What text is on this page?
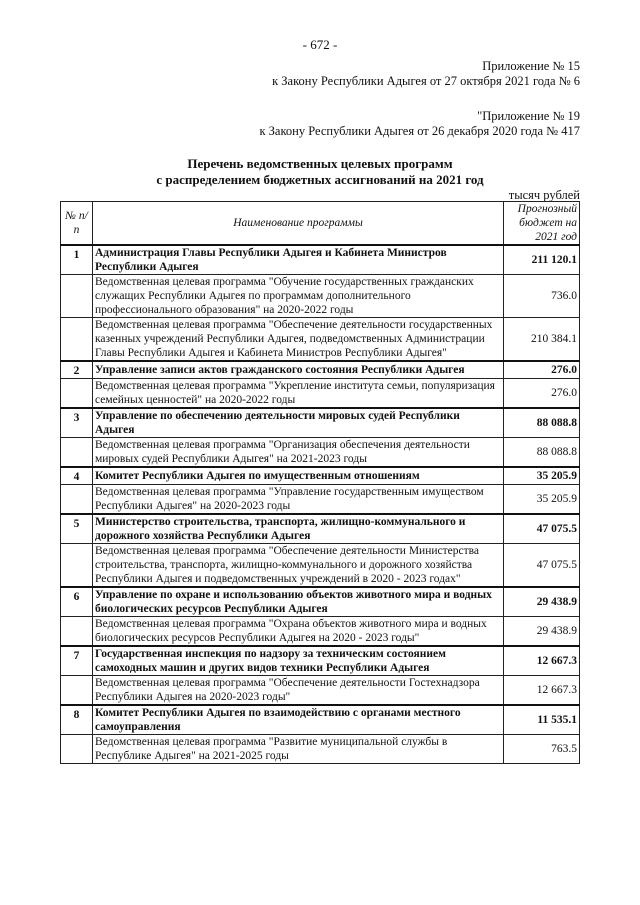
- 672 -
Приложение № 15
к Закону Республики Адыгея от 27 октября 2021 года № 6
"Приложение № 19
к Закону Республики Адыгея от 26 декабря 2020 года № 417
Перечень ведомственных целевых программ
с распределением бюджетных ассигнований на 2021 год
тысяч рублей
№ п/п	Наименование программы	Прогнозный бюджет на 2021 год
1	Администрация Главы Республики Адыгея и Кабинета Министров Республики Адыгея	211 120.1
	Ведомственная целевая программа "Обучение государственных гражданских служащих Республики Адыгея по программам дополнительного профессионального образования" на 2020-2022 годы	736.0
	Ведомственная целевая программа "Обеспечение деятельности государственных казенных учреждений Республики Адыгея, подведомственных Администрации Главы Республики Адыгея и Кабинета Министров Республики Адыгея"	210 384.1
2	Управление записи актов гражданского состояния Республики Адыгея	276.0
	Ведомственная целевая программа "Укрепление института семьи, популяризация семейных ценностей" на 2020-2022 годы	276.0
3	Управление по обеспечению деятельности мировых судей Республики Адыгея	88 088.8
	Ведомственная целевая программа "Организация обеспечения деятельности мировых судей Республики Адыгея" на 2021-2023 годы	88 088.8
4	Комитет Республики Адыгея по имущественным отношениям	35 205.9
	Ведомственная целевая программа "Управление государственным имуществом Республики Адыгея" на 2020-2023 годы	35 205.9
5	Министерство строительства, транспорта, жилищно-коммунального и дорожного хозяйства Республики Адыгея	47 075.5
	Ведомственная целевая программа "Обеспечение деятельности Министерства строительства, транспорта, жилищно-коммунального и дорожного хозяйства Республики Адыгея и подведомственных учреждений в 2020 - 2023 годах"	47 075.5
6	Управление по охране и использованию объектов животного мира и водных биологических ресурсов Республики Адыгея	29 438.9
	Ведомственная целевая программа "Охрана объектов животного мира и водных биологических ресурсов Республики Адыгея на 2020 - 2023 годы"	29 438.9
7	Государственная инспекция по надзору за техническим состоянием самоходных машин и других видов техники Республики Адыгея	12 667.3
	Ведомственная целевая программа "Обеспечение деятельности Гостехнадзора Республики Адыгея на 2020-2023 годы"	12 667.3
8	Комитет Республики Адыгея по взаимодействию с органами местного самоуправления	11 535.1
	Ведомственная целевая программа "Развитие муниципальной службы в Республике Адыгея" на 2021-2025 годы	763.5
